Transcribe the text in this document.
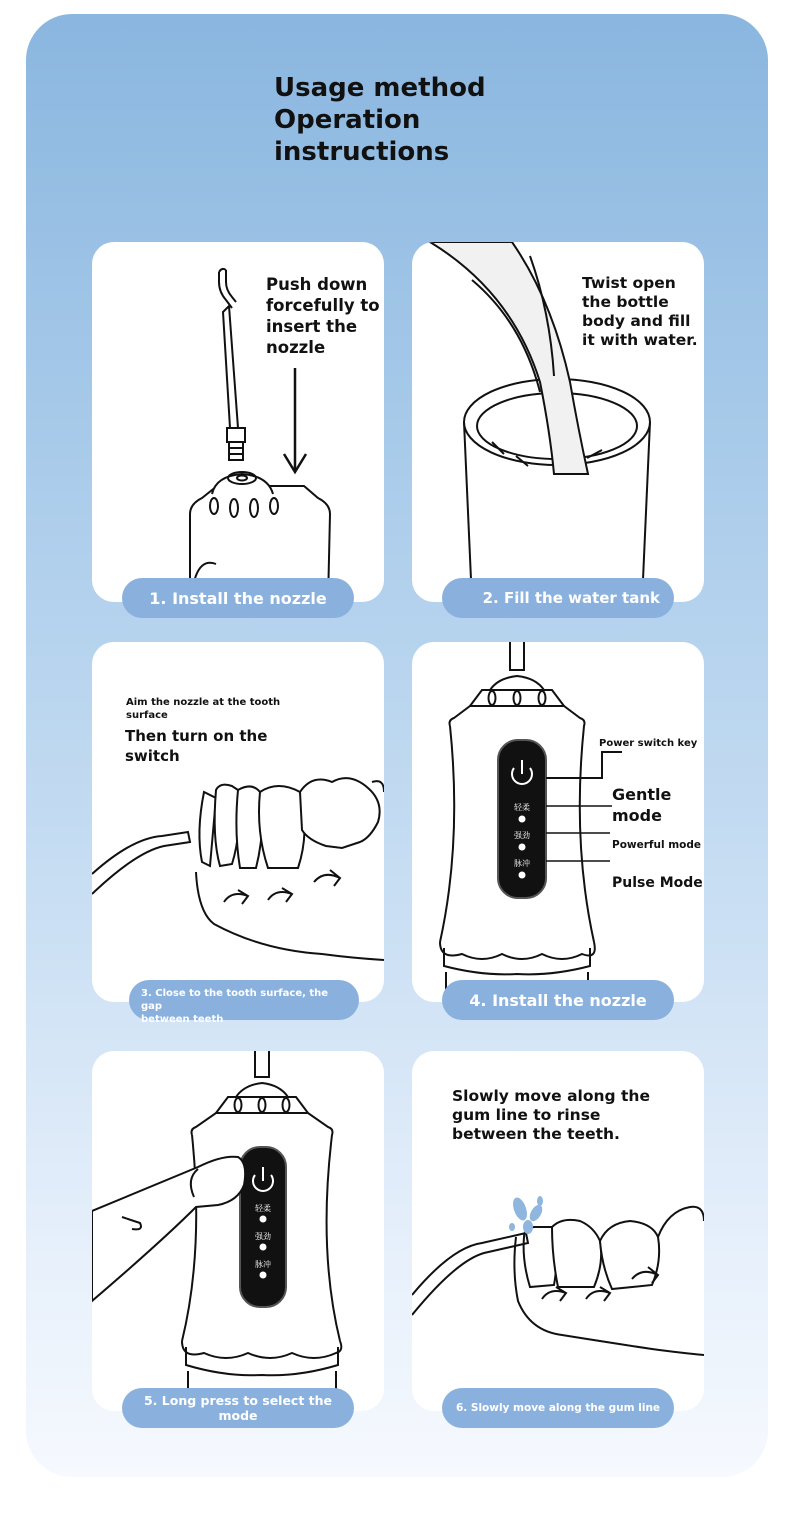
Usage method
Operation
instructions
Push down
forcefully to
insert the
nozzle
1. Install the nozzle
Twist open
the bottle
body and fill
it with water.
2. Fill the water tank
Aim the nozzle at the tooth
surface
Then turn on the
switch
3. Close to the tooth surface, the gap
between teeth
轻柔
强劲
脉冲
Power switch key
Gentle
mode
Powerful mode
Pulse Mode
4. Install the nozzle
轻柔
强劲
脉冲
5. Long press to select the mode
Slowly move along the
gum line to rinse
between the teeth.
6. Slowly move along the gum line
